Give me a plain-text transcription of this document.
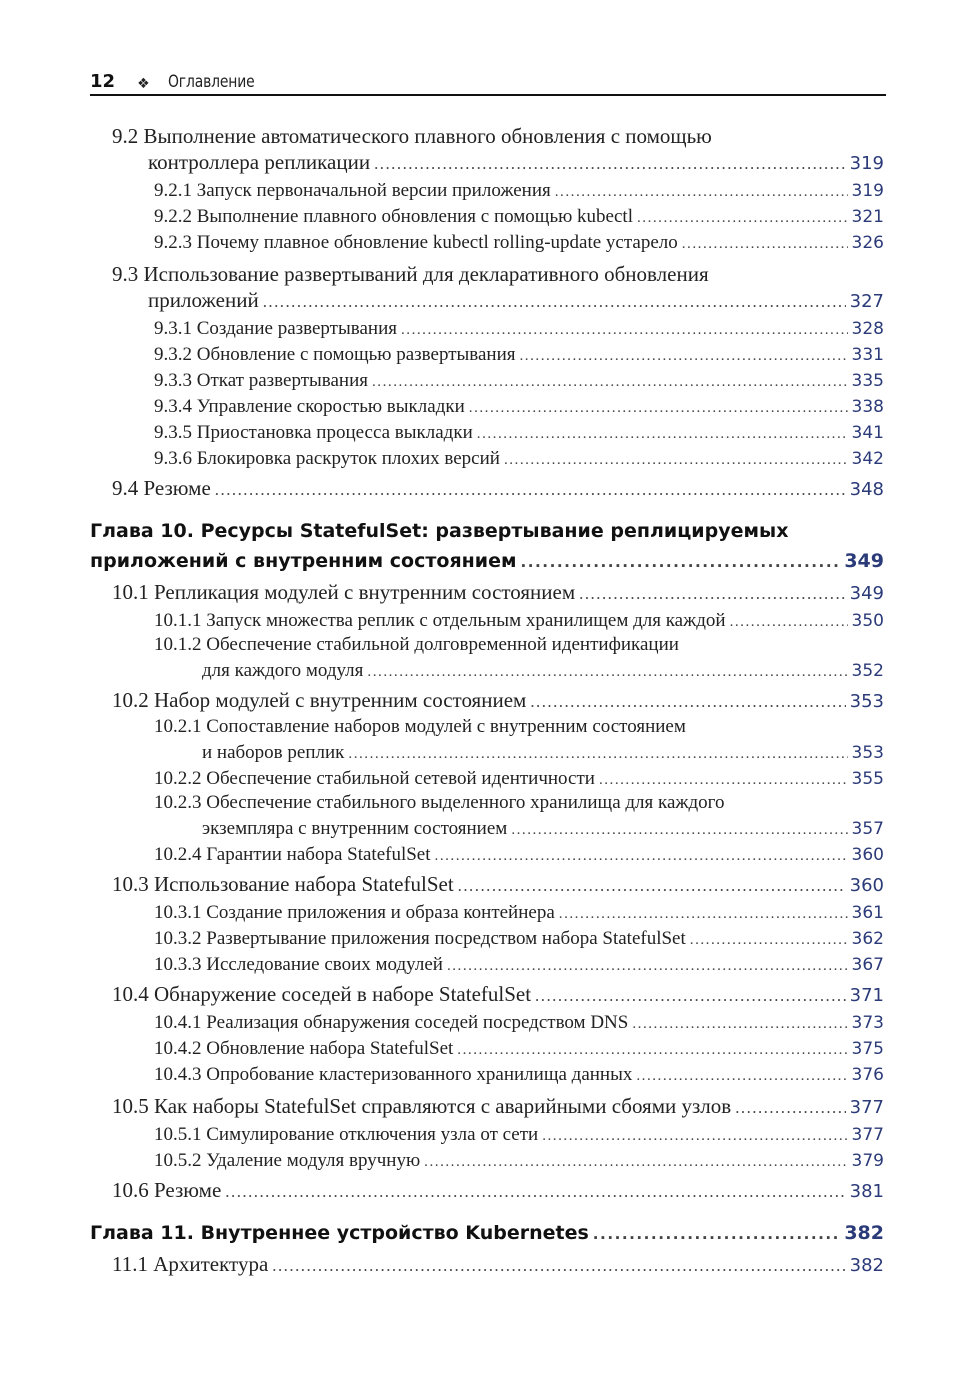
12 ❖ Оглавление
9.2 Выполнение автоматического плавного обновления с помощью
контроллера репликации .....	319
9.2.1 Запуск первоначальной версии приложения .....	319
9.2.2 Выполнение плавного обновления с помощью kubectl .....	321
9.2.3 Почему плавное обновление kubectl rolling-update устарело .....	326
9.3 Использование развертываний для декларативного обновления
приложений .....	327
9.3.1 Создание развертывания .....	328
9.3.2 Обновление с помощью развертывания .....	331
9.3.3 Откат развертывания .....	335
9.3.4 Управление скоростью выкладки .....	338
9.3.5 Приостановка процесса выкладки .....	341
9.3.6 Блокировка раскруток плохих версий .....	342
9.4 Резюме .....	348
Глава 10. Ресурсы StatefulSet: развертывание реплицируемых
приложений с внутренним состоянием .....	349
10.1 Репликация модулей с внутренним состоянием .....	349
10.1.1 Запуск множества реплик с отдельным хранилищем для каждой .....	350
10.1.2 Обеспечение стабильной долговременной идентификации
для каждого модуля .....	352
10.2 Набор модулей с внутренним состоянием .....	353
10.2.1 Сопоставление наборов модулей с внутренним состоянием
и наборов реплик .....	353
10.2.2 Обеспечение стабильной сетевой идентичности .....	355
10.2.3 Обеспечение стабильного выделенного хранилища для каждого
экземпляра с внутренним состоянием .....	357
10.2.4 Гарантии набора StatefulSet .....	360
10.3 Использование набора StatefulSet .....	360
10.3.1 Создание приложения и образа контейнера .....	361
10.3.2 Развертывание приложения посредством набора StatefulSet .....	362
10.3.3 Исследование своих модулей .....	367
10.4 Обнаружение соседей в наборе StatefulSet .....	371
10.4.1 Реализация обнаружения соседей посредством DNS .....	373
10.4.2 Обновление набора StatefulSet .....	375
10.4.3 Опробование кластеризованного хранилища данных .....	376
10.5 Как наборы StatefulSet справляются с аварийными сбоями узлов .....	377
10.5.1 Симулирование отключения узла от сети .....	377
10.5.2 Удаление модуля вручную .....	379
10.6 Резюме .....	381
Глава 11. Внутреннее устройство Kubernetes .....	382
11.1 Архитектура .....	382
